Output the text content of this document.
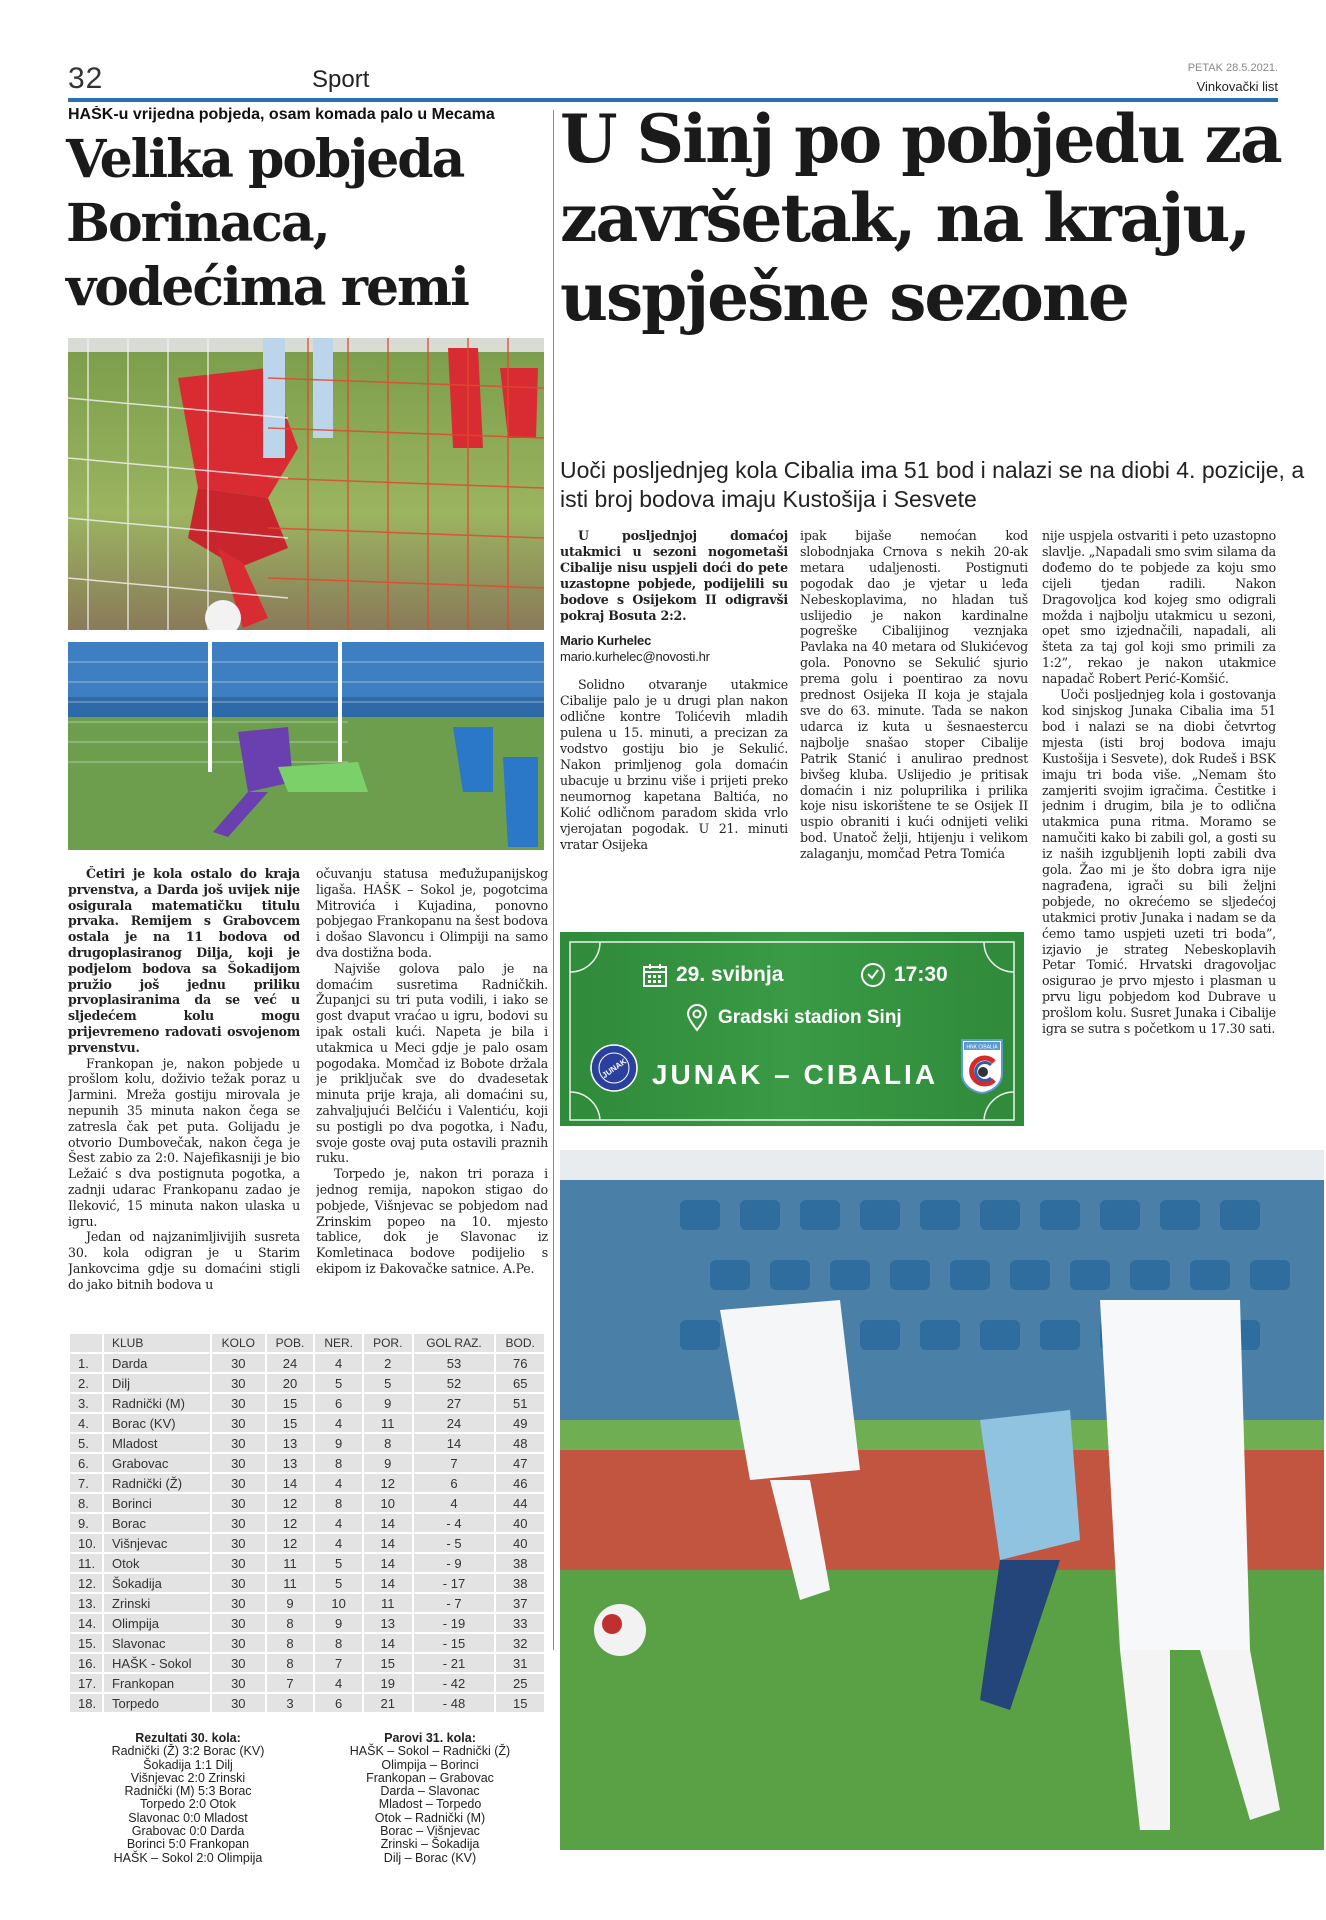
32	Sport	PETAK 28.5.2021.
Vinkovački list
HAŠK-u vrijedna pobjeda, osam komada palo u Mecama
Velika pobjeda Borinaca, vodećima remi

Četiri je kola ostalo do kraja prvenstva, a Darda još uvijek nije osigurala matematičku titulu prvaka. Remijem s Grabovcem ostala je na 11 bodova od drugoplasiranog Dilja, koji je podjelom bodova sa Šokadijom pružio još jednu priliku prvoplasiranima da se već u sljedećem kolu mogu prijevremeno radovati osvojenom prvenstvu.

Frankopan je, nakon pobjede u prošlom kolu, doživio težak poraz u Jarmini. Mreža gostiju mirovala je nepunih 35 minuta nakon čega se zatresla čak pet puta. Golijadu je otvorio Dumbovečak, nakon čega je Šest zabio za 2:0. Najefikasniji je bio Ležaić s dva postignuta pogotka, a zadnji udarac Frankopanu zadao je Ileković, 15 minuta nakon ulaska u igru.

Jedan od najzanimljivijih susreta 30. kola odigran je u Starim Jankovcima gdje su domaćini stigli do jako bitnih bodova u

očuvanju statusa međužupanijskog ligaša. HAŠK – Sokol je, pogotcima Mitrovića i Kujadina, ponovno pobjegao Frankopanu na šest bodova i došao Slavoncu i Olimpiji na samo dva dostižna boda.

Najviše golova palo je na domaćim susretima Radničkih. Županjci su tri puta vodili, i iako se gost dvaput vraćao u igru, bodovi su ipak ostali kući. Napeta je bila i utakmica u Meci gdje je palo osam pogodaka. Momčad iz Bobote držala je priključak sve do dvadesetak minuta prije kraja, ali domaćini su, zahvaljujući Belčiću i Valentiću, koji su postigli po dva pogotka, i Nađu, svoje goste ovaj puta ostavili praznih ruku.

Torpedo je, nakon tri poraza i jednog remija, napokon stigao do pobjede, Višnjevac se pobjedom nad Zrinskim popeo na 10. mjesto tablice, dok je Slavonac iz Komletinaca bodove podijelio s ekipom iz Đakovačke satnice. A.Pe.

	KLUB	KOLO	POB.	NER.	POR.	GOL RAZ.	BOD.
1.	Darda	30	24	4	2	53	76
2.	Dilj	30	20	5	5	52	65
3.	Radnički (M)	30	15	6	9	27	51
4.	Borac (KV)	30	15	4	11	24	49
5.	Mladost	30	13	9	8	14	48
6.	Grabovac	30	13	8	9	7	47
7.	Radnički (Ž)	30	14	4	12	6	46
8.	Borinci	30	12	8	10	4	44
9.	Borac	30	12	4	14	- 4	40
10.	Višnjevac	30	12	4	14	- 5	40
11.	Otok	30	11	5	14	- 9	38
12.	Šokadija	30	11	5	14	- 17	38
13.	Zrinski	30	9	10	11	- 7	37
14.	Olimpija	30	8	9	13	- 19	33
15.	Slavonac	30	8	8	14	- 15	32
16.	HAŠK - Sokol	30	8	7	15	- 21	31
17.	Frankopan	30	7	4	19	- 42	25
18.	Torpedo	30	3	6	21	- 48	15
Rezultati 30. kola:
Radnički (Ž) 3:2 Borac (KV)
Šokadija 1:1 Dilj
Višnjevac 2:0 Zrinski
Radnički (M) 5:3 Borac
Torpedo 2:0 Otok
Slavonac 0:0 Mladost
Grabovac 0:0 Darda
Borinci 5:0 Frankopan
HAŠK – Sokol 2:0 Olimpija
Parovi 31. kola:
HAŠK – Sokol – Radnički (Ž)
Olimpija – Borinci
Frankopan – Grabovac
Darda – Slavonac
Mladost – Torpedo
Otok – Radnički (M)
Borac – Višnjevac
Zrinski – Šokadija
Dilj – Borac (KV)
U Sinj po pobjedu za završetak, na kraju, uspješne sezone
Uoči posljednjeg kola Cibalia ima 51 bod i nalazi se na diobi 4. pozicije, a isti broj bodova imaju Kustošija i Sesvete

U posljednjoj domaćoj utakmici u sezoni nogometaši Cibalije nisu uspjeli doći do pete uzastopne pobjede, podijelili su bodove s Osijekom II odigravši pokraj Bosuta 2:2.

Mario Kurhelec
mario.kurhelec@novosti.hr

Solidno otvaranje utakmice Cibalije palo je u drugi plan nakon odlične kontre Tolićevih mladih pulena u 15. minuti, a precizan za vodstvo gostiju bio je Sekulić. Nakon primljenog gola domaćin ubacuje u brzinu više i prijeti preko neumornog kapetana Baltića, no Kolić odličnom paradom skida vrlo vjerojatan pogodak. U 21. minuti vratar Osijeka

ipak bijaše nemoćan kod slobodnjaka Crnova s nekih 20-ak metara udaljenosti. Postignuti pogodak dao je vjetar u leđa Nebeskoplavima, no hladan tuš uslijedio je nakon kardinalne pogreške Cibalijinog veznjaka Pavlaka na 40 metara od Slukićevog gola. Ponovno se Sekulić sjurio prema golu i poentirao za novu prednost Osijeka II koja je stajala sve do 63. minute. Tada se nakon udarca iz kuta u šesnaestercu najbolje snašao stoper Cibalije Patrik Stanić i anulirao prednost bivšeg kluba. Uslijedio je pritisak domaćin i niz poluprilika i prilika koje nisu iskorištene te se Osijek II uspio obraniti i kući odnijeti veliki bod. Unatoč želji, htijenju i velikom zalaganju, momčad Petra Tomića

nije uspjela ostvariti i peto uzastopno slavlje. „Napadali smo svim silama da dođemo do te pobjede za koju smo cijeli tjedan radili. Nakon Dragovoljca kod kojeg smo odigrali možda i najbolju utakmicu u sezoni, opet smo izjednačili, napadali, ali šteta za taj gol koji smo primili za 1:2”, rekao je nakon utakmice napadač Robert Perić-Komšić.

Uoči posljednjeg kola i gostovanja kod sinjskog Junaka Cibalia ima 51 bod i nalazi se na diobi četvrtog mjesta (isti broj bodova imaju Kustošija i Sesvete), dok Rudeš i BSK imaju tri boda više. „Nemam što zamjeriti svojim igračima. Čestitke i jednim i drugim, bila je to odlična utakmica puna ritma. Moramo se namučiti kako bi zabili gol, a gosti su iz naših izgubljenih lopti zabili dva gola. Žao mi je što dobra igra nije nagrađena, igrači su bili željni pobjede, no okrećemo se sljedećoj utakmici protiv Junaka i nadam se da ćemo tamo uspjeti uzeti tri boda”, izjavio je strateg Nebeskoplavih Petar Tomić. Hrvatski dragovoljac osigurao je prvo mjesto i plasman u prvu ligu pobjedom kod Dubrave u prošlom kolu. Susret Junaka i Cibalije igra se sutra s početkom u 17.30 sati.

29. svibnja	17:30
Gradski stadion Sinj
JUNAK JUNAK – CIBALIA
HNK CIBALIA
